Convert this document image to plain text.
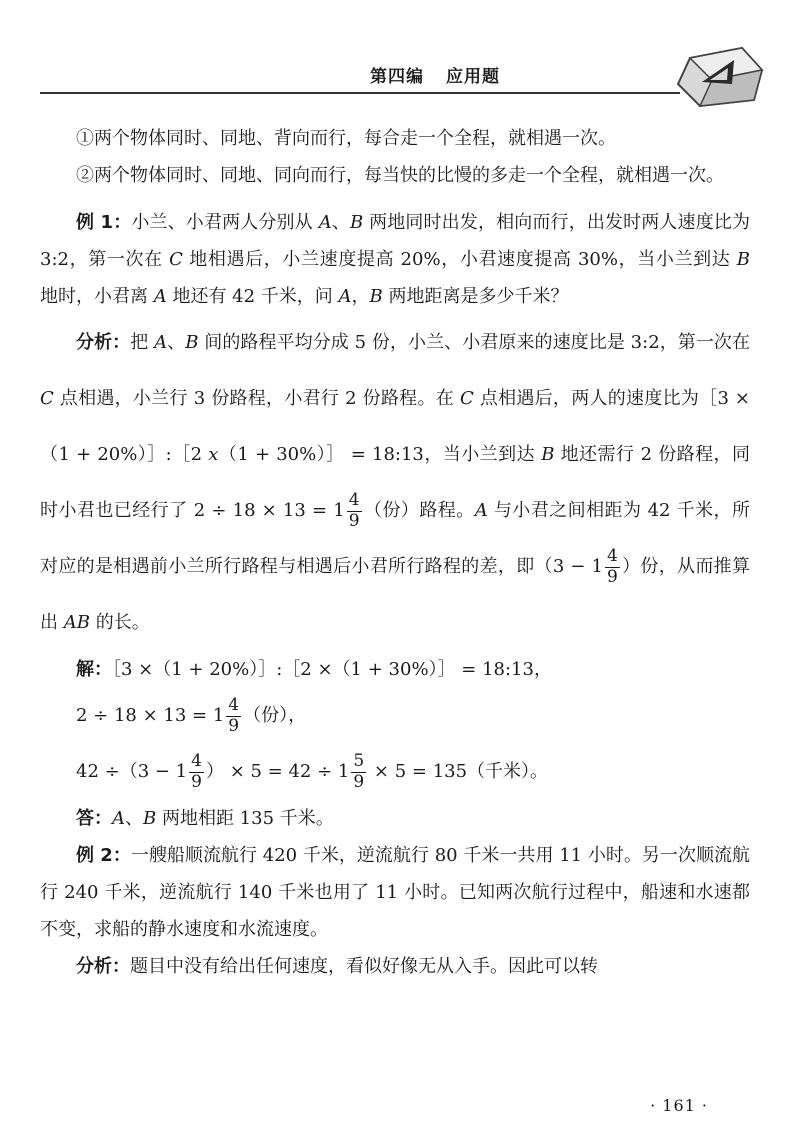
第四编 应用题

①两个物体同时、同地、背向而行，每合走一个全程，就相遇一次。

②两个物体同时、同地、同向而行，每当快的比慢的多走一个全程，就相遇一次。

例 1：小兰、小君两人分别从 A、B 两地同时出发，相向而行，出发时两人速度比为 3:2，第一次在 C 地相遇后，小兰速度提高 20%，小君速度提高 30%，当小兰到达 B 地时，小君离 A 地还有 42 千米，问 A，B 两地距离是多少千米？

分析：把 A、B 间的路程平均分成 5 份，小兰、小君原来的速度比是 3:2，第一次在 C 点相遇，小兰行 3 份路程，小君行 2 份路程。在 C 点相遇后，两人的速度比为［3 ×（1 + 20%）］:［2 x（1 + 30%）］ = 18:13，当小兰到达 B 地还需行 2 份路程，同时小君也已经行了 $2 \div 18 \times 13 = 1 \frac{4}{9}$ （份）路程。A 与小君之间相距为 42 千米，所对应的是相遇前小兰所行路程与相遇后小君所行路程的差，即（$3 - 1 \frac{4}{9}$ ）份，从而推算出 AB 的长。

解：［3 ×（1 + 20%）］:［2 ×（1 + 30%）］ = 18:13，

$2 \div 18 \times 13 = 1 \frac{4}{9}$ （份），

$42 \div(3 - 1 \frac{4}{9}$ ） × $5 = 42 \div 1 \frac{5}{9} \times 5 = 135$（千米）。

答：A、B 两地相距 135 千米。

例 2：一艘船顺流航行 420 千米，逆流航行 80 千米一共用 11 小时。另一次顺流航行 240 千米，逆流航行 140 千米也用了 11 小时。已知两次航行过程中，船速和水速都不变，求船的静水速度和水流速度。

分析：题目中没有给出任何速度，看似好像无从入手。因此可以转

· 161 ·
